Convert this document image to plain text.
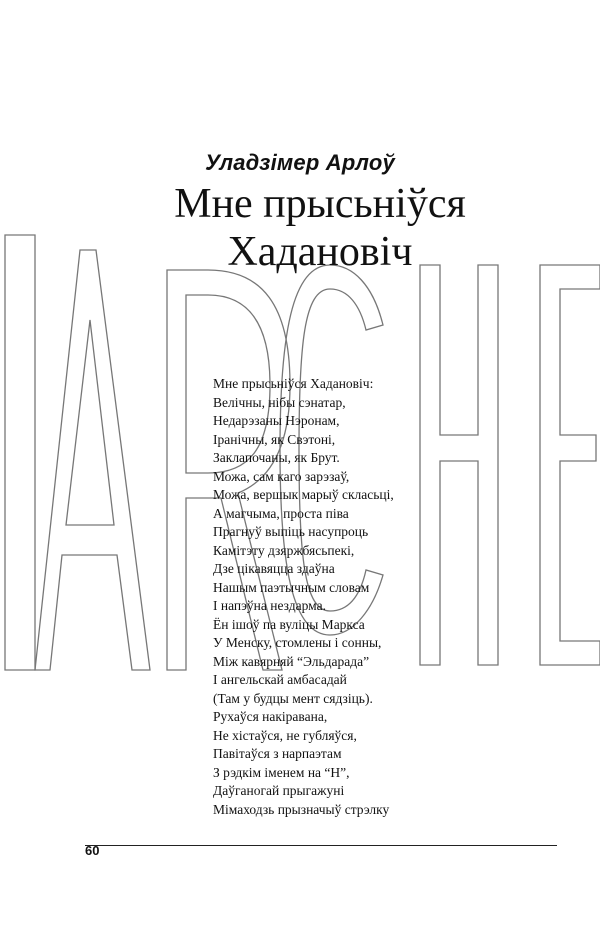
Уладзімер Арлоў
Мне прысьніўся
Хадановіч
Мне прысьніўся Хадановіч:
Велічны, нібы сэнатар,
Недарэзаны Нэронам,
Іранічны, як Свэтоні,
Заклапочаны, як Брут.
Можа, сам каго зарэзаў,
Можа, вершык марыў скласьці,
А магчыма, проста піва
Прагнуў выпіць насупроць
Камітэту дзяржбясьпекі,
Дзе цікавяцца здаўна
Нашым паэтычным словам
І напэўна нездарма.
Ён ішоў па вуліцы Маркса
У Менску, стомлены і сонны,
Між кавярняй “Эльдарада”
І ангельскай амбасадай
(Там у будцы мент сядзіць).
Рухаўся накіравана,
Не хістаўся, не губляўся,
Павітаўся з нарпаэтам
З рэдкім іменем на “Н”,
Даўганогай прыгажуні
Мімаходзь прызначыў стрэлку
60
